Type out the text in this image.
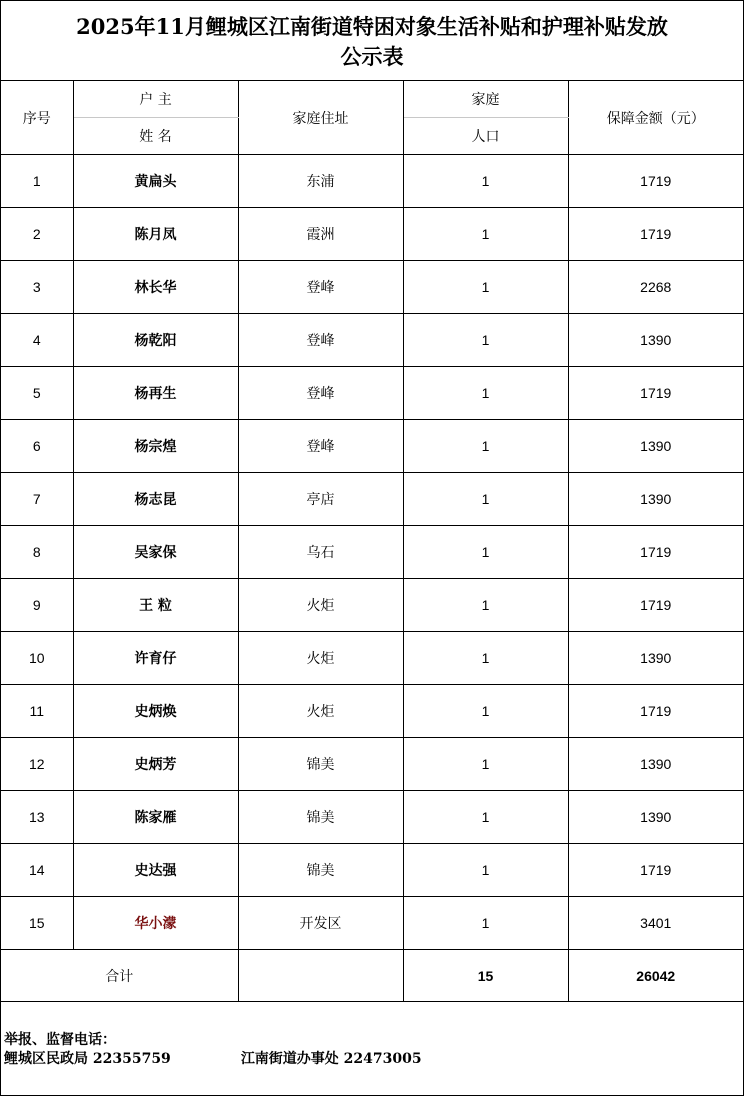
2025年11月鲤城区江南街道特困对象生活补贴和护理补贴发放
公示表
序号	户 主	家庭住址	家庭	保障金额（元）
	姓 名		人口	
1	黄扁头	东浦	1	1719
2	陈月凤	霞洲	1	1719
3	林长华	登峰	1	2268
4	杨乾阳	登峰	1	1390
5	杨再生	登峰	1	1719
6	杨宗煌	登峰	1	1390
7	杨志昆	亭店	1	1390
8	吴家保	乌石	1	1719
9	王 粒	火炬	1	1719
10	许育仔	火炬	1	1390
11	史炳焕	火炬	1	1719
12	史炳芳	锦美	1	1390
13	陈家雁	锦美	1	1390
14	史达强	锦美	1	1719
15	华小濛	开发区	1	3401
合计			15	26042
举报、监督电话：
鲤城区民政局 22355759	江南街道办事处 22473005
